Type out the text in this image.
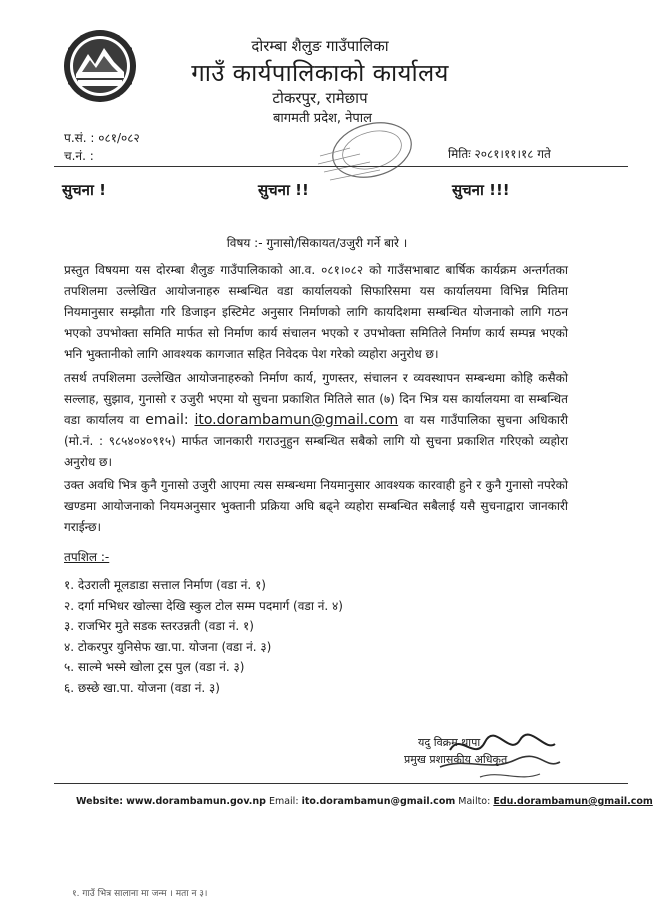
दोरम्बा शैलुङ गाउँपालिका
गाउँ कार्यपालिकाको कार्यालय
टोकरपुर, रामेछाप
बागमती प्रदेश, नेपाल
प.सं. : ०८१/०८२
च.नं. :	मितिः २०८१।११।१८ गते
सुचना !	सुचना !!	सुचना !!!
विषय :- गुनासो/सिकायत/उजुरी गर्ने बारे ।
प्रस्तुत विषयमा यस दोरम्बा शैलुङ गाउँपालिकाको आ.व. ०८१।०८२ को गाउँसभाबाट बार्षिक कार्यक्रम अन्तर्गतका तपशिलमा उल्लेखित आयोजनाहरु सम्बन्धित वडा कार्यालयको सिफारिसमा यस कार्यालयमा विभिन्न मितिमा नियमानुसार सम्झौता गरि डिजाइन इस्टिमेट अनुसार निर्माणको लागि कायदिशमा सम्बन्धित योजनाको लागि गठन भएको उपभोक्ता समिति मार्फत सो निर्माण कार्य संचालन भएको र उपभोक्ता समितिले निर्माण कार्य सम्पन्न भएको भनि भुक्तानीको लागि आवश्यक कागजात सहित निवेदक पेश गरेको व्यहोरा अनुरोध छ।
तसर्थ तपशिलमा उल्लेखित आयोजनाहरुको निर्माण कार्य, गुणस्तर, संचालन र व्यवस्थापन सम्बन्धमा कोहि कसैको सल्लाह, सुझाव, गुनासो र उजुरी भएमा यो सुचना प्रकाशित मितिले सात (७) दिन भित्र यस कार्यालयमा वा सम्बन्धित वडा कार्यालय वा email: ito.dorambamun@gmail.com वा यस गाउँपालिका सुचना अधिकारी (मो.नं. : ९८५४०४०९१५) मार्फत जानकारी गराउनुहुन सम्बन्धित सबैको लागि यो सुचना प्रकाशित गरिएको व्यहोरा अनुरोध छ।
उक्त अवधि भित्र कुनै गुनासो उजुरी आएमा त्यस सम्बन्धमा नियमानुसार आवश्यक कारवाही हुने र कुनै गुनासो नपरेको खण्डमा आयोजनाको नियमअनुसार भुक्तानी प्रक्रिया अघि बढ्ने व्यहोरा सम्बन्धित सबैलाई यसै सुचनाद्वारा जानकारी गराईन्छ।
तपशिल :-
१. देउराली मूलडाडा सत्ताल निर्माण (वडा नं. १)
२. दर्गा मभिधर खोल्सा देखि स्कुल टोल सम्म पदमार्ग (वडा नं. ४)
३. राजभिर मुते सडक स्तरउन्नती (वडा नं. १)
४. टोकरपुर युनिसेफ खा.पा. योजना (वडा नं. ३)
५. साल्मे भस्मे खोला ट्रस पुल (वडा नं. ३)
६. छस्छे खा.पा. योजना (वडा नं. ३)
यदु विक्रम थापा
प्रमुख प्रशासकीय अधिकृत
Website: www.dorambamun.gov.np Email: ito.dorambamun@gmail.com Mailto: Edu.dorambamun@gmail.com
१. गाउँ भित्र सालाना मा जन्म । मता न ३।
